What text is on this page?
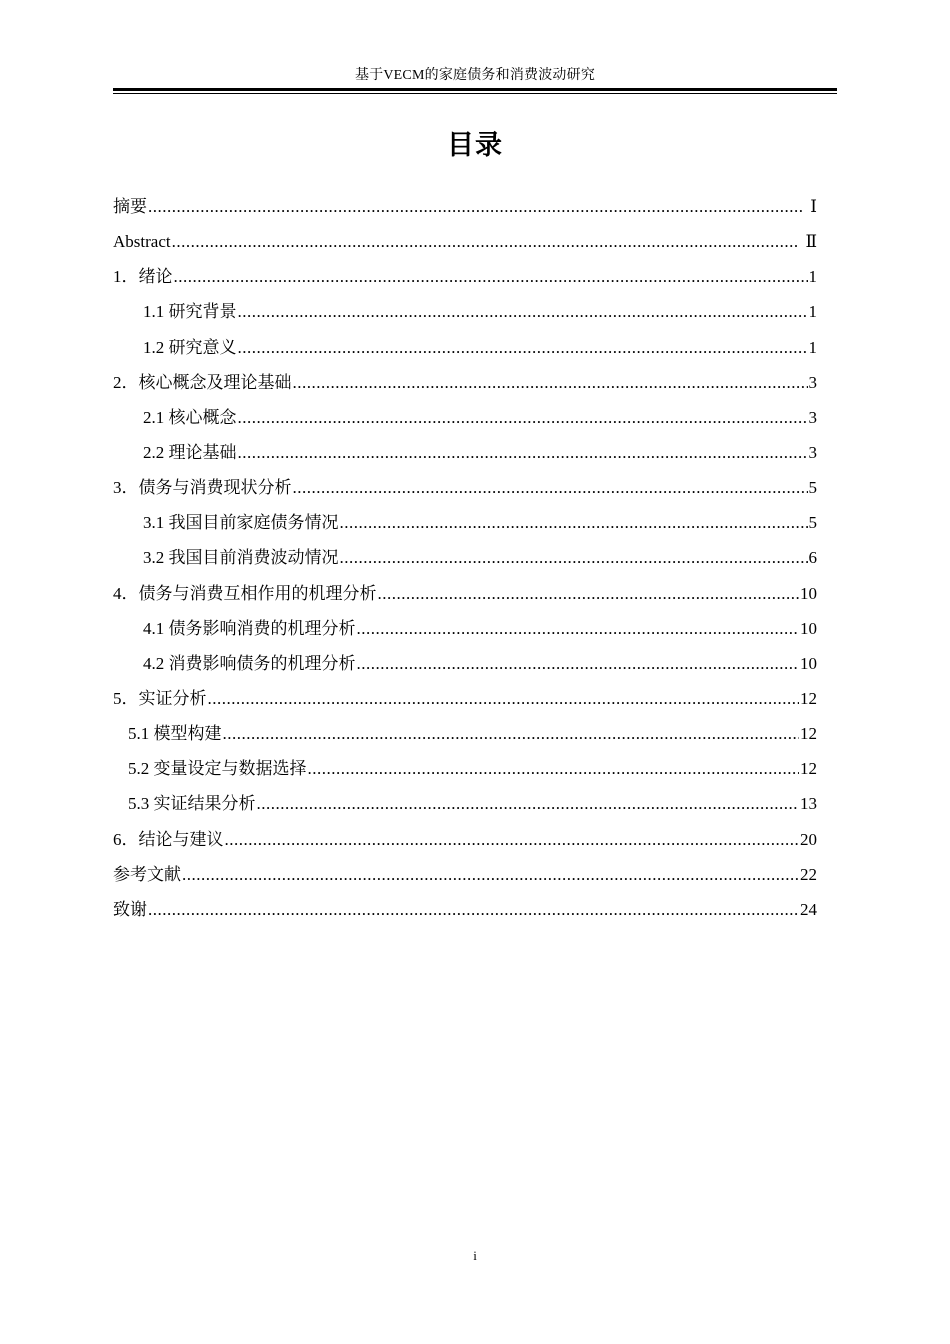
基于VECM的家庭债务和消费波动研究
目录
摘要 .....	Ⅰ
Abstract .....	Ⅱ
1．绪论 .....	1
1.1 研究背景 .....	1
1.2 研究意义 .....	1
2．核心概念及理论基础 .....	3
2.1 核心概念 .....	3
2.2 理论基础 .....	3
3．债务与消费现状分析 .....	5
3.1 我国目前家庭债务情况 .....	5
3.2 我国目前消费波动情况 .....	6
4．债务与消费互相作用的机理分析 .....	10
4.1 债务影响消费的机理分析 .....	10
4.2 消费影响债务的机理分析 .....	10
5．实证分析 .....	12
5.1 模型构建 .....	12
5.2 变量设定与数据选择 .....	12
5.3 实证结果分析 .....	13
6．结论与建议 .....	20
参考文献 .....	22
致谢 .....	24
i
